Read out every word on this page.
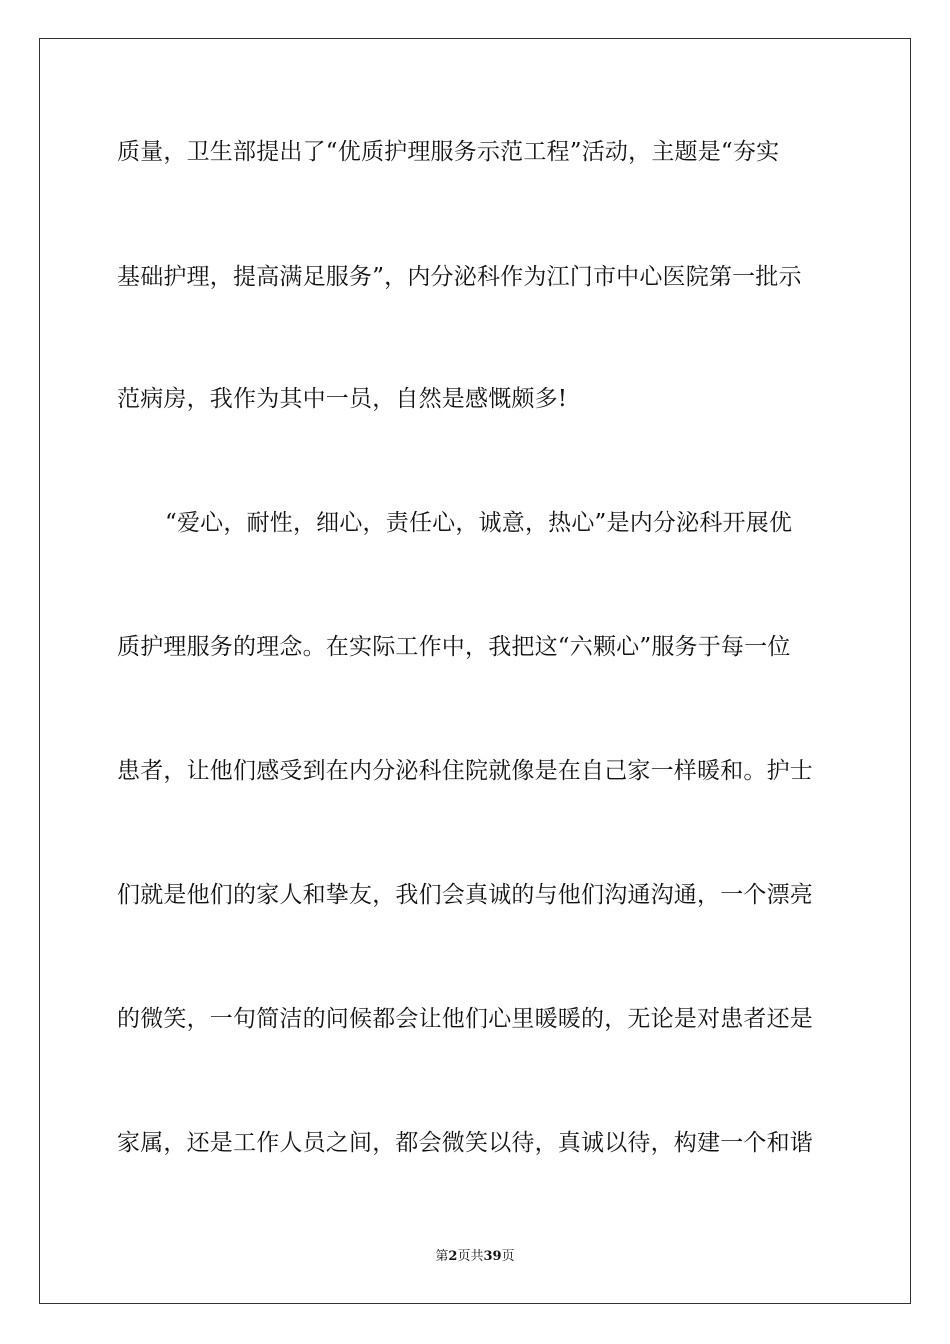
质量，卫生部提出了“优质护理服务示范工程”活动，主题是“夯实
基础护理，提高满足服务”，内分泌科作为江门市中心医院第一批示
范病房，我作为其中一员，自然是感慨颇多!
“爱心，耐性，细心，责任心，诚意，热心”是内分泌科开展优
质护理服务的理念。在实际工作中，我把这“六颗心”服务于每一位
患者，让他们感受到在内分泌科住院就像是在自己家一样暖和。护士
们就是他们的家人和挚友，我们会真诚的与他们沟通沟通，一个漂亮
的微笑，一句简洁的问候都会让他们心里暖暖的，无论是对患者还是
家属，还是工作人员之间，都会微笑以待，真诚以待，构建一个和谐
第2页共39页
